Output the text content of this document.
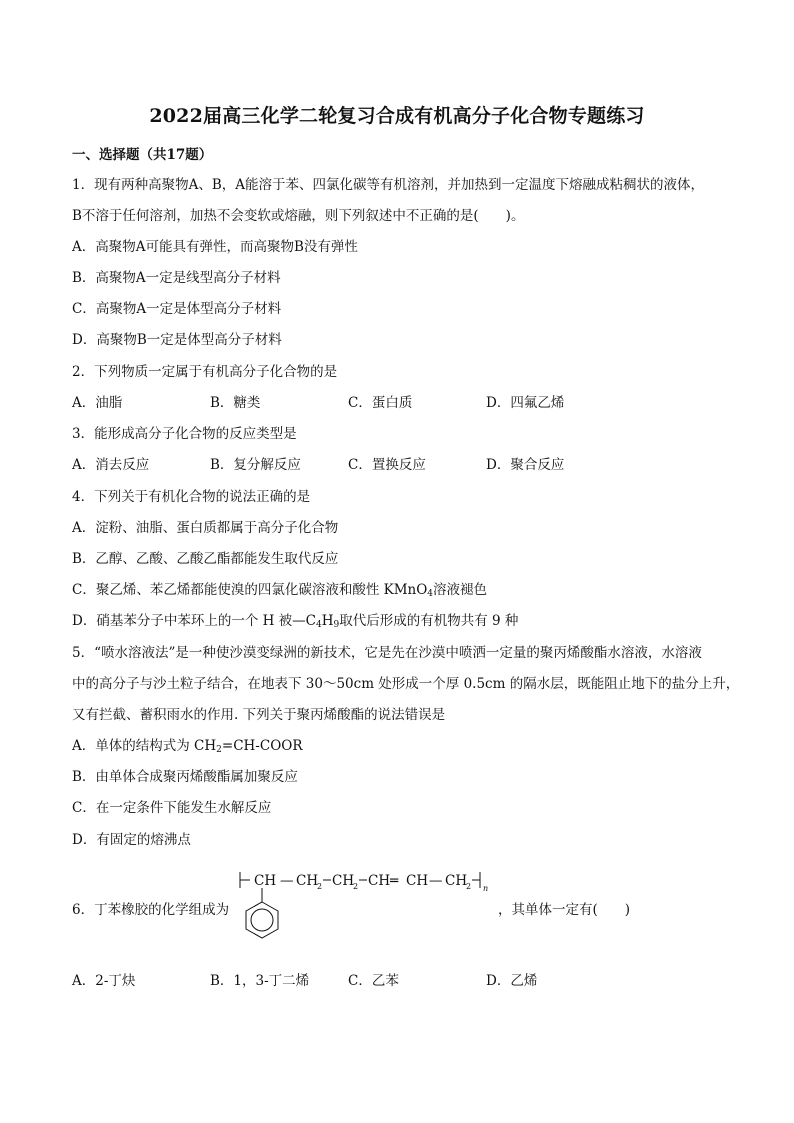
2022届高三化学二轮复习合成有机高分子化合物专题练习
一、选择题（共17题）
1．现有两种高聚物A、B，A能溶于苯、四氯化碳等有机溶剂，并加热到一定温度下熔融成粘稠状的液体，
B不溶于任何溶剂，加热不会变软或熔融，则下列叙述中不正确的是(　　)。
A．高聚物A可能具有弹性，而高聚物B没有弹性
B．高聚物A一定是线型高分子材料
C．高聚物A一定是体型高分子材料
D．高聚物B一定是体型高分子材料
2．下列物质一定属于有机高分子化合物的是
A．油脂	B．糖类	C．蛋白质	D．四氟乙烯
3．能形成高分子化合物的反应类型是
A．消去反应	B．复分解反应	C．置换反应	D．聚合反应
4．下列关于有机化合物的说法正确的是
A．淀粉、油脂、蛋白质都属于高分子化合物
B．乙醇、乙酸、乙酸乙酯都能发生取代反应
C．聚乙烯、苯乙烯都能使溴的四氯化碳溶液和酸性 KMnO$_4$溶液褪色
D．硝基苯分子中苯环上的一个 H 被$—C_4H_9$取代后形成的有机物共有 9 种
5．“喷水溶液法”是一种使沙漠变绿洲的新技术，它是先在沙漠中喷洒一定量的聚丙烯酸酯水溶液，水溶液
中的高分子与沙土粒子结合，在地表下 30～50cm 处形成一个厚 0.5cm 的隔水层，既能阻止地下的盐分上升，
又有拦截、蓄积雨水的作用. 下列关于聚丙烯酸酯的说法错误是
A．单体的结构式为 $CH_2=CH$-COOR
B．由单体合成聚丙烯酸酯属加聚反应
C．在一定条件下能发生水解反应
D．有固定的熔沸点
6．丁苯橡胶的化学组成为
CH — CH
2 CH
2 CH ═ CH — CH
2 n
，其单体一定有(　　)
A．2-丁炔	B．1，3-丁二烯	C．乙苯	D．乙烯
